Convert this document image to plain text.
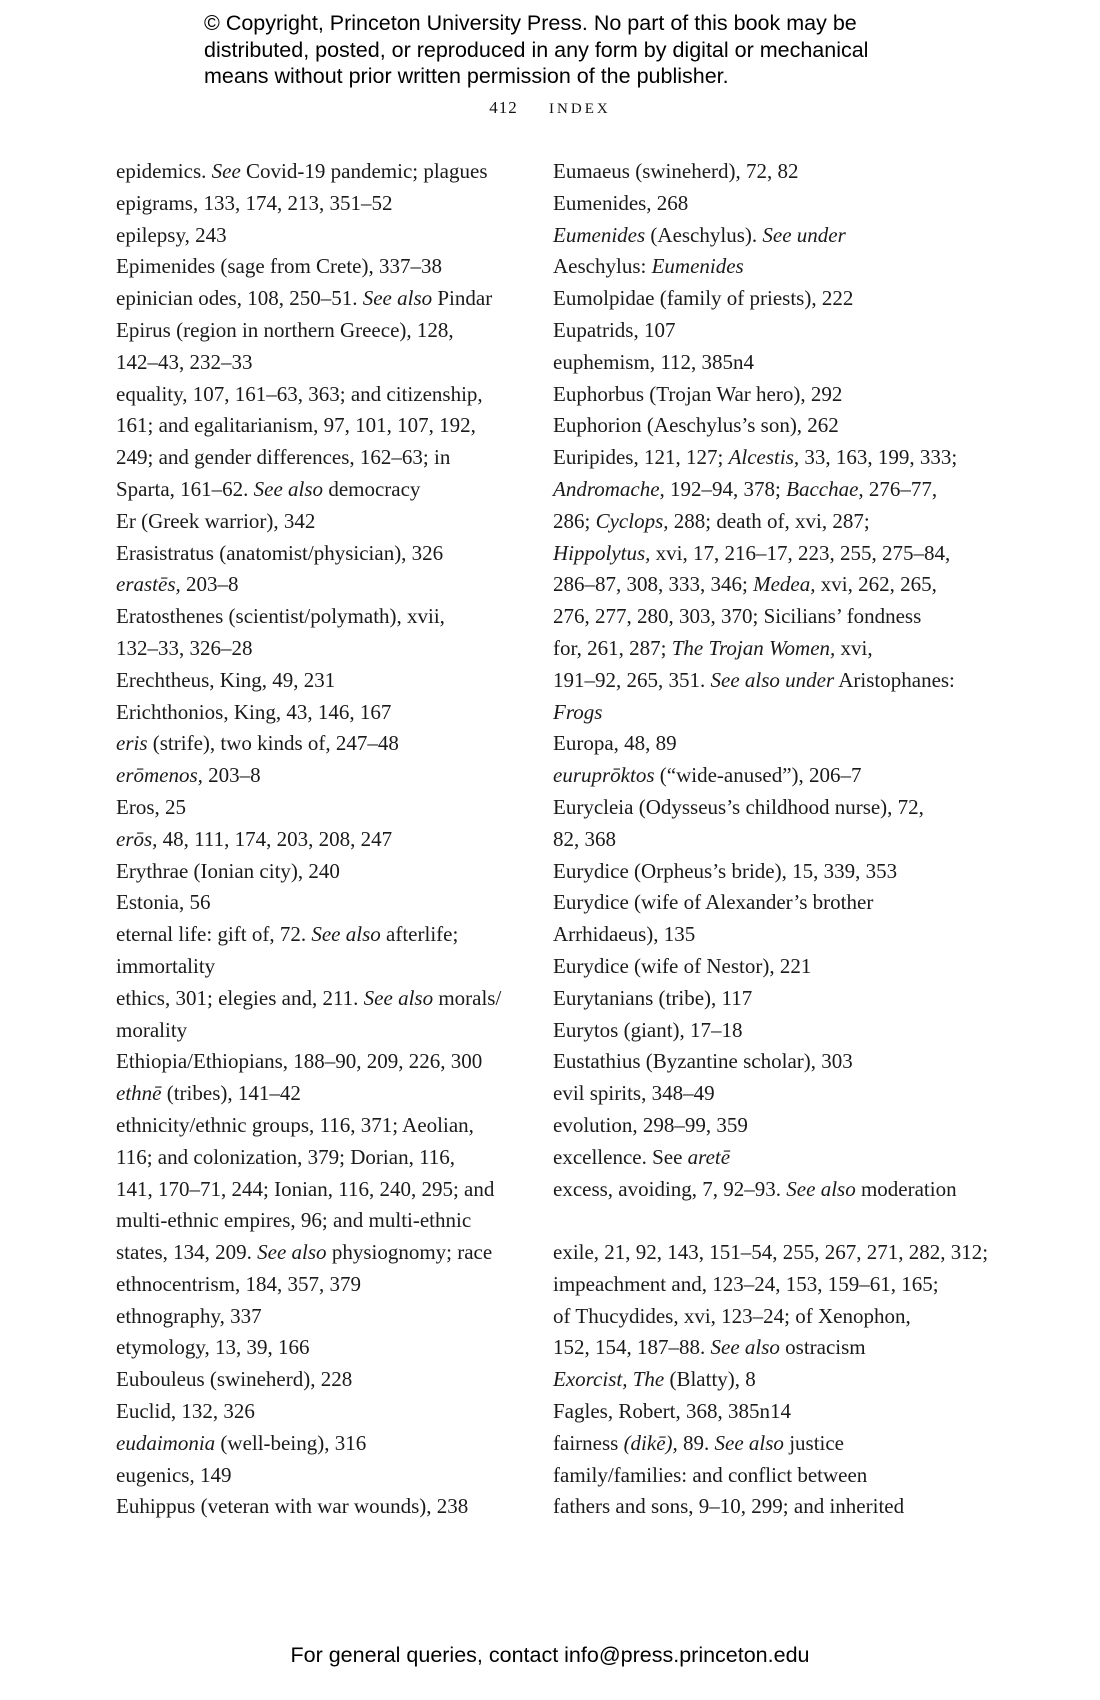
© Copyright, Princeton University Press. No part of this book may be
distributed, posted, or reproduced in any form by digital or mechanical
means without prior written permission of the publisher.
412 INDEX
epidemics. See Covid-19 pandemic; plagues
epigrams, 133, 174, 213, 351–52
epilepsy, 243
Epimenides (sage from Crete), 337–38
epinician odes, 108, 250–51. See also Pindar
Epirus (region in northern Greece), 128,
142–43, 232–33
equality, 107, 161–63, 363; and citizenship,
161; and egalitarianism, 97, 101, 107, 192,
249; and gender differences, 162–63; in
Sparta, 161–62. See also democracy
Er (Greek warrior), 342
Erasistratus (anatomist/physician), 326
erastēs, 203–8
Eratosthenes (scientist/polymath), xvii,
132–33, 326–28
Erechtheus, King, 49, 231
Erichthonios, King, 43, 146, 167
eris (strife), two kinds of, 247–48
erōmenos, 203–8
Eros, 25
erōs, 48, 111, 174, 203, 208, 247
Erythrae (Ionian city), 240
Estonia, 56
eternal life: gift of, 72. See also afterlife;
immortality
ethics, 301; elegies and, 211. See also morals/
morality
Ethiopia/Ethiopians, 188–90, 209, 226, 300
ethnē (tribes), 141–42
ethnicity/ethnic groups, 116, 371; Aeolian,
116; and colonization, 379; Dorian, 116,
141, 170–71, 244; Ionian, 116, 240, 295; and
multi-ethnic empires, 96; and multi-ethnic
states, 134, 209. See also physiognomy; race
ethnocentrism, 184, 357, 379
ethnography, 337
etymology, 13, 39, 166
Eubouleus (swineherd), 228
Euclid, 132, 326
eudaimonia (well-being), 316
eugenics, 149
Euhippus (veteran with war wounds), 238
Eumaeus (swineherd), 72, 82
Eumenides, 268
Eumenides (Aeschylus). See under
Aeschylus: Eumenides
Eumolpidae (family of priests), 222
Eupatrids, 107
euphemism, 112, 385n4
Euphorbus (Trojan War hero), 292
Euphorion (Aeschylus’s son), 262
Euripides, 121, 127; Alcestis, 33, 163, 199, 333;
Andromache, 192–94, 378; Bacchae, 276–77,
286; Cyclops, 288; death of, xvi, 287;
Hippolytus, xvi, 17, 216–17, 223, 255, 275–84,
286–87, 308, 333, 346; Medea, xvi, 262, 265,
276, 277, 280, 303, 370; Sicilians’ fondness
for, 261, 287; The Trojan Women, xvi,
191–92, 265, 351. See also under Aristophanes:
Frogs
Europa, 48, 89
euruprōktos (“wide-anused”), 206–7
Eurycleia (Odysseus’s childhood nurse), 72,
82, 368
Eurydice (Orpheus’s bride), 15, 339, 353
Eurydice (wife of Alexander’s brother
Arrhidaeus), 135
Eurydice (wife of Nestor), 221
Eurytanians (tribe), 117
Eurytos (giant), 17–18
Eustathius (Byzantine scholar), 303
evil spirits, 348–49
evolution, 298–99, 359
excellence. See aretē
excess, avoiding, 7, 92–93. See also moderation
exile, 21, 92, 143, 151–54, 255, 267, 271, 282, 312;
impeachment and, 123–24, 153, 159–61, 165;
of Thucydides, xvi, 123–24; of Xenophon,
152, 154, 187–88. See also ostracism
Exorcist, The (Blatty), 8
Fagles, Robert, 368, 385n14
fairness (dikē), 89. See also justice
family/families: and conflict between
fathers and sons, 9–10, 299; and inherited
For general queries, contact info@press.princeton.edu
